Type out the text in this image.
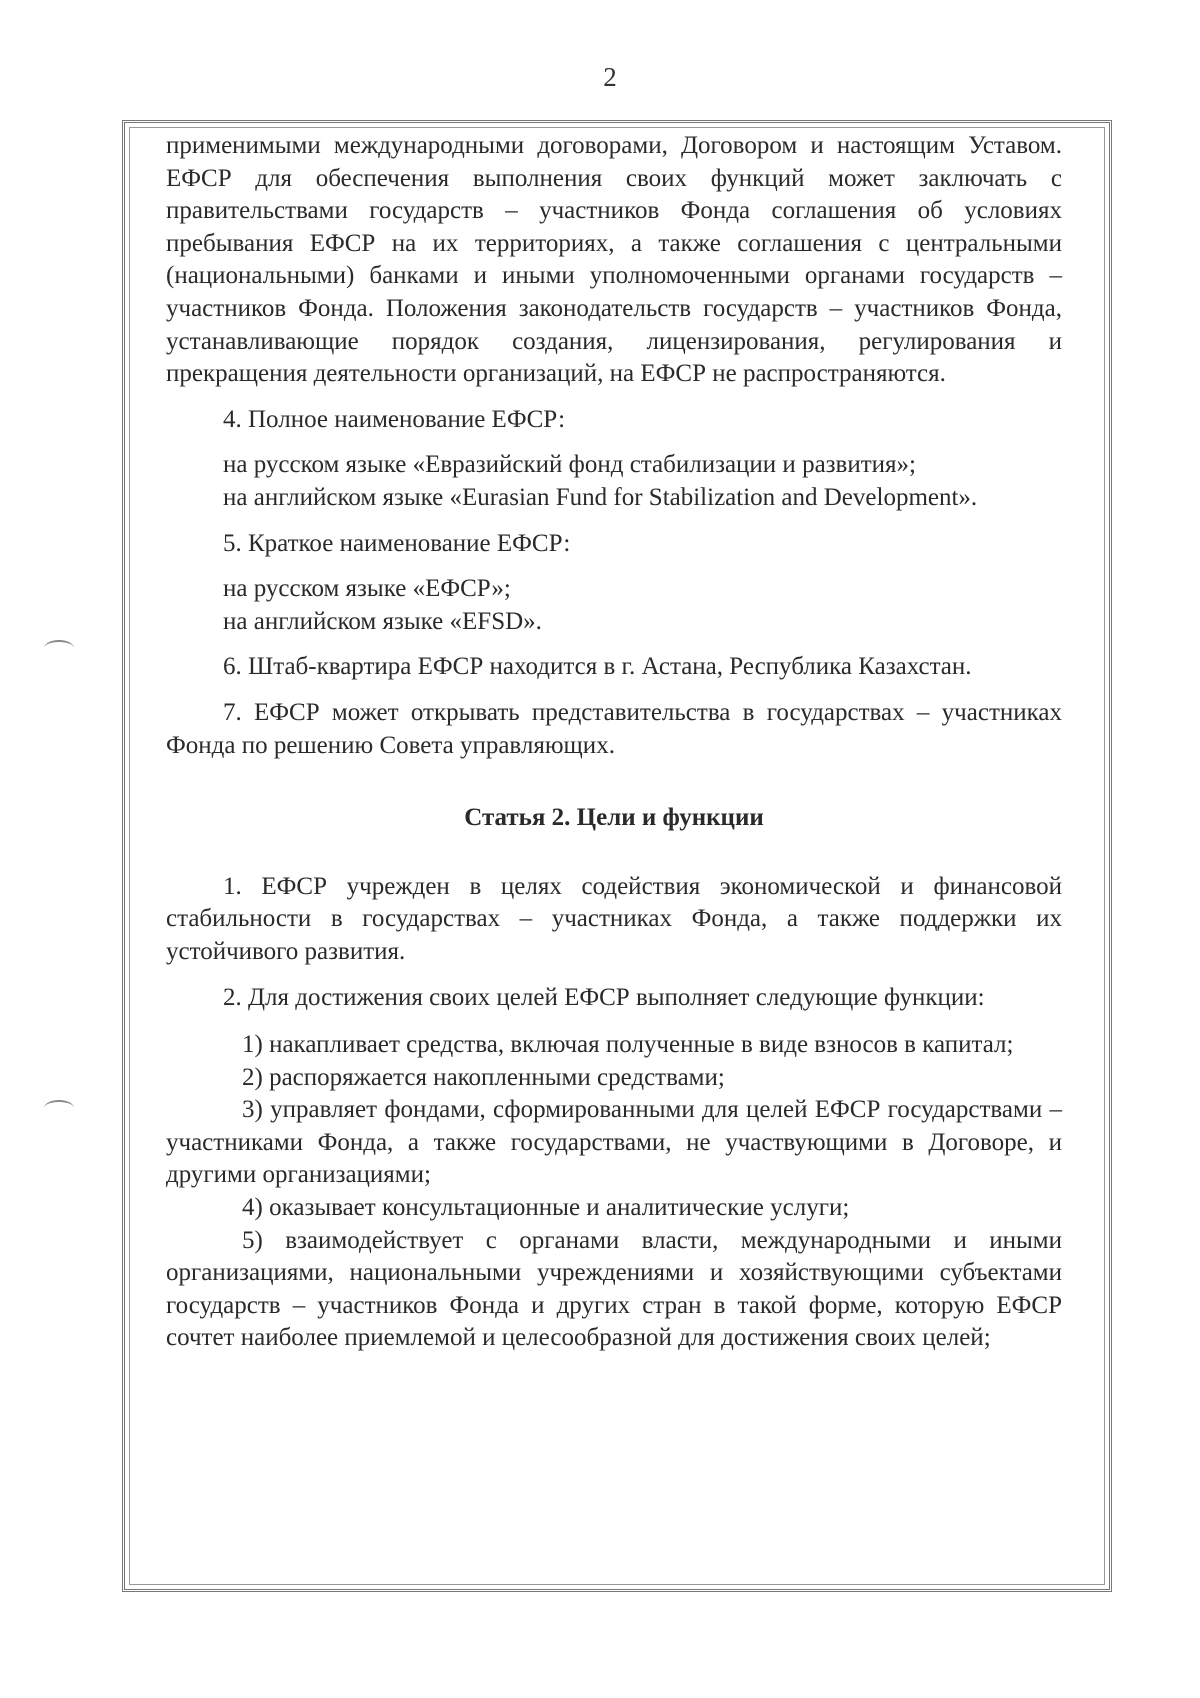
2

применимыми международными договорами, Договором и настоящим Уставом. ЕФСР для обеспечения выполнения своих функций может заключать с правительствами государств – участников Фонда соглашения об условиях пребывания ЕФСР на их территориях, а также соглашения с центральными (национальными) банками и иными уполномоченными органами государств – участников Фонда. Положения законодательств государств – участников Фонда, устанавливающие порядок создания, лицензирования, регулирования и прекращения деятельности организаций, на ЕФСР не распространяются.

4. Полное наименование ЕФСР:

на русском языке «Евразийский фонд стабилизации и развития»;

на английском языке «Eurasian Fund for Stabilization and Development».

5. Краткое наименование ЕФСР:

на русском языке «ЕФСР»;

на английском языке «EFSD».

6. Штаб-квартира ЕФСР находится в г. Астана, Республика Казахстан.

7. ЕФСР может открывать представительства в государствах – участниках Фонда по решению Совета управляющих.

Статья 2. Цели и функции

1. ЕФСР учрежден в целях содействия экономической и финансовой стабильности в государствах – участниках Фонда, а также поддержки их устойчивого развития.

2. Для достижения своих целей ЕФСР выполняет следующие функции:

1) накапливает средства, включая полученные в виде взносов в капитал;

2) распоряжается накопленными средствами;

3) управляет фондами, сформированными для целей ЕФСР государствами – участниками Фонда, а также государствами, не участвующими в Договоре, и другими организациями;

4) оказывает консультационные и аналитические услуги;

5) взаимодействует с органами власти, международными и иными организациями, национальными учреждениями и хозяйствующими субъектами государств – участников Фонда и других стран в такой форме, которую ЕФСР сочтет наиболее приемлемой и целесообразной для достижения своих целей;
